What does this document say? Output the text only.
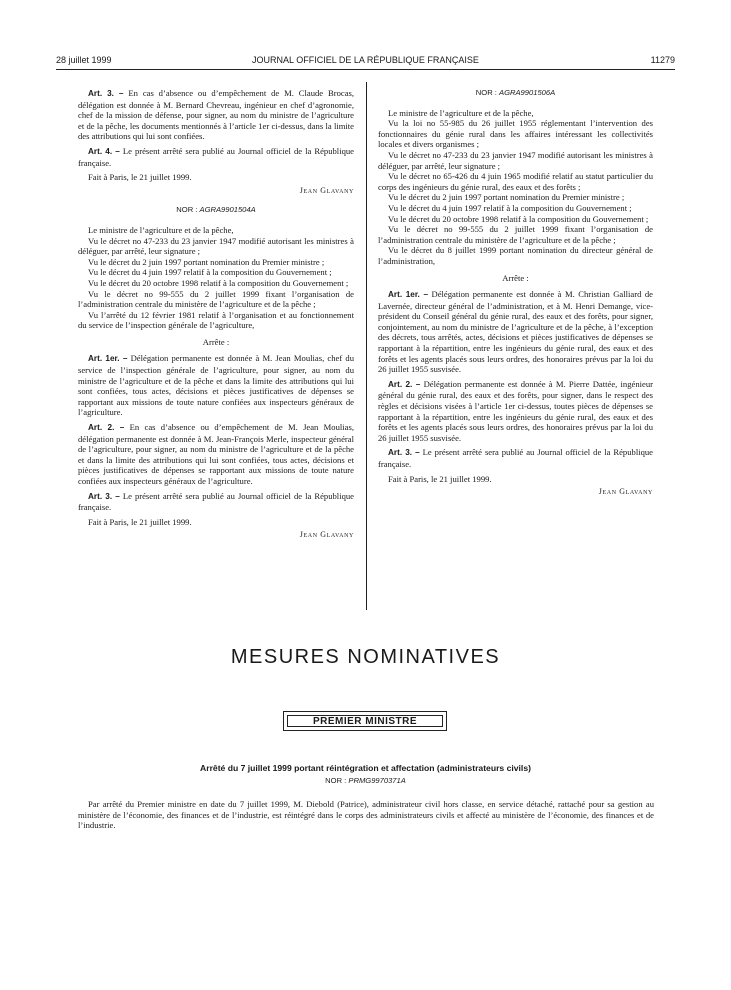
28 juillet 1999	JOURNAL OFFICIEL DE LA RÉPUBLIQUE FRANÇAISE	11279

Art. 3. – En cas d’absence ou d’empêchement de M. Claude Brocas, délégation est donnée à M. Bernard Chevreau, ingénieur en chef d’agronomie, chef de la mission de défense, pour signer, au nom du ministre de l’agriculture et de la pêche, les documents mentionnés à l’article 1er ci-dessus, dans la limite des attributions qui lui sont confiées.

Art. 4. – Le présent arrêté sera publié au Journal officiel de la République française.

Fait à Paris, le 21 juillet 1999.

Jean Glavany

NOR : AGRA9901504A

Le ministre de l’agriculture et de la pêche,

Vu le décret no 47-233 du 23 janvier 1947 modifié autorisant les ministres à déléguer, par arrêté, leur signature ;

Vu le décret du 2 juin 1997 portant nomination du Premier ministre ;

Vu le décret du 4 juin 1997 relatif à la composition du Gouvernement ;

Vu le décret du 20 octobre 1998 relatif à la composition du Gouvernement ;

Vu le décret no 99-555 du 2 juillet 1999 fixant l’organisation de l’administration centrale du ministère de l’agriculture et de la pêche ;

Vu l’arrêté du 12 février 1981 relatif à l’organisation et au fonctionnement du service de l’inspection générale de l’agriculture,

Arrête :

Art. 1er. – Délégation permanente est donnée à M. Jean Moulias, chef du service de l’inspection générale de l’agriculture, pour signer, au nom du ministre de l’agriculture et de la pêche et dans la limite des attributions qui lui sont confiées, tous actes, décisions et pièces justificatives de dépenses se rapportant aux missions de toute nature confiées aux inspecteurs généraux de l’agriculture.

Art. 2. – En cas d’absence ou d’empêchement de M. Jean Moulias, délégation permanente est donnée à M. Jean-François Merle, inspecteur général de l’agriculture, pour signer, au nom du ministre de l’agriculture et de la pêche et dans la limite des attributions qui lui sont confiées, tous actes, décisions et pièces justificatives de dépenses se rapportant aux missions de toute nature confiées aux inspecteurs généraux de l’agriculture.

Art. 3. – Le présent arrêté sera publié au Journal officiel de la République française.

Fait à Paris, le 21 juillet 1999.

Jean Glavany

NOR : AGRA9901506A

Le ministre de l’agriculture et de la pêche,

Vu la loi no 55-985 du 26 juillet 1955 réglementant l’intervention des fonctionnaires du génie rural dans les affaires intéressant les collectivités locales et divers organismes ;

Vu le décret no 47-233 du 23 janvier 1947 modifié autorisant les ministres à déléguer, par arrêté, leur signature ;

Vu le décret no 65-426 du 4 juin 1965 modifié relatif au statut particulier du corps des ingénieurs du génie rural, des eaux et des forêts ;

Vu le décret du 2 juin 1997 portant nomination du Premier ministre ;

Vu le décret du 4 juin 1997 relatif à la composition du Gouvernement ;

Vu le décret du 20 octobre 1998 relatif à la composition du Gouvernement ;

Vu le décret no 99-555 du 2 juillet 1999 fixant l’organisation de l’administration centrale du ministère de l’agriculture et de la pêche ;

Vu le décret du 8 juillet 1999 portant nomination du directeur général de l’administration,

Arrête :

Art. 1er. – Délégation permanente est donnée à M. Christian Galliard de Lavernée, directeur général de l’administration, et à M. Henri Demange, vice-président du Conseil général du génie rural, des eaux et des forêts, pour signer, conjointement, au nom du ministre de l’agriculture et de la pêche, à l’exception des décrets, tous arrêtés, actes, décisions et pièces justificatives de dépenses se rapportant à la répartition, entre les ingénieurs du génie rural, des eaux et des forêts et les agents placés sous leurs ordres, des honoraires prévus par la loi du 26 juillet 1955 susvisée.

Art. 2. – Délégation permanente est donnée à M. Pierre Dattée, ingénieur général du génie rural, des eaux et des forêts, pour signer, dans le respect des règles et décisions visées à l’article 1er ci-dessus, toutes pièces de dépenses se rapportant à la répartition, entre les ingénieurs du génie rural, des eaux et des forêts et les agents placés sous leurs ordres, des honoraires prévus par la loi du 26 juillet 1955 susvisée.

Art. 3. – Le présent arrêté sera publié au Journal officiel de la République française.

Fait à Paris, le 21 juillet 1999.

Jean Glavany

MESURES NOMINATIVES
PREMIER MINISTRE
Arrêté du 7 juillet 1999 portant réintégration et affectation (administrateurs civils)
NOR : PRMG9970371A

Par arrêté du Premier ministre en date du 7 juillet 1999, M. Diebold (Patrice), administrateur civil hors classe, en service détaché, rattaché pour sa gestion au ministère de l’économie, des finances et de l’industrie, est réintégré dans le corps des administrateurs civils et affecté au ministère de l’économie, des finances et de l’industrie.
